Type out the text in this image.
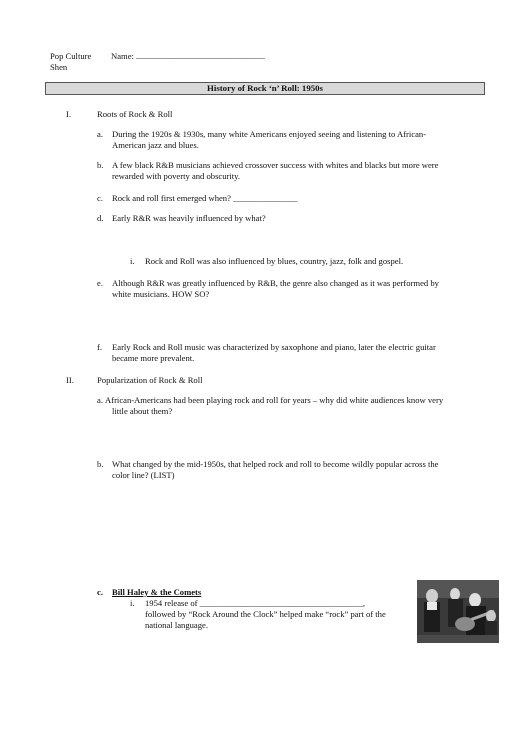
Pop Culture
Shen
Name: ______________________________
History of Rock ‘n’ Roll: 1950s
I.	Roots of Rock & Roll
a. During the 1920s & 1930s, many white Americans enjoyed seeing and listening to African-
American jazz and blues.
b. A few black R&B musicians achieved crossover success with whites and blacks but more were
rewarded with poverty and obscurity.
c. Rock and roll first emerged when? _______________
d. Early R&R was heavily influenced by what?
i. Rock and Roll was also influenced by blues, country, jazz, folk and gospel.
e. Although R&R was greatly influenced by R&B, the genre also changed as it was performed by
white musicians. HOW SO?
f. Early Rock and Roll music was characterized by saxophone and piano, later the electric guitar
became more prevalent.
II.	Popularization of Rock & Roll
a. African-Americans had been playing rock and roll for years – why did white audiences know very
little about them?
b. What changed by the mid-1950s, that helped rock and roll to become wildly popular across the
color line? (LIST)
c. Bill Haley & the Comets
i. 1954 release of ______________________________________,
followed by “Rock Around the Clock” helped make “rock” part of the
national language.
